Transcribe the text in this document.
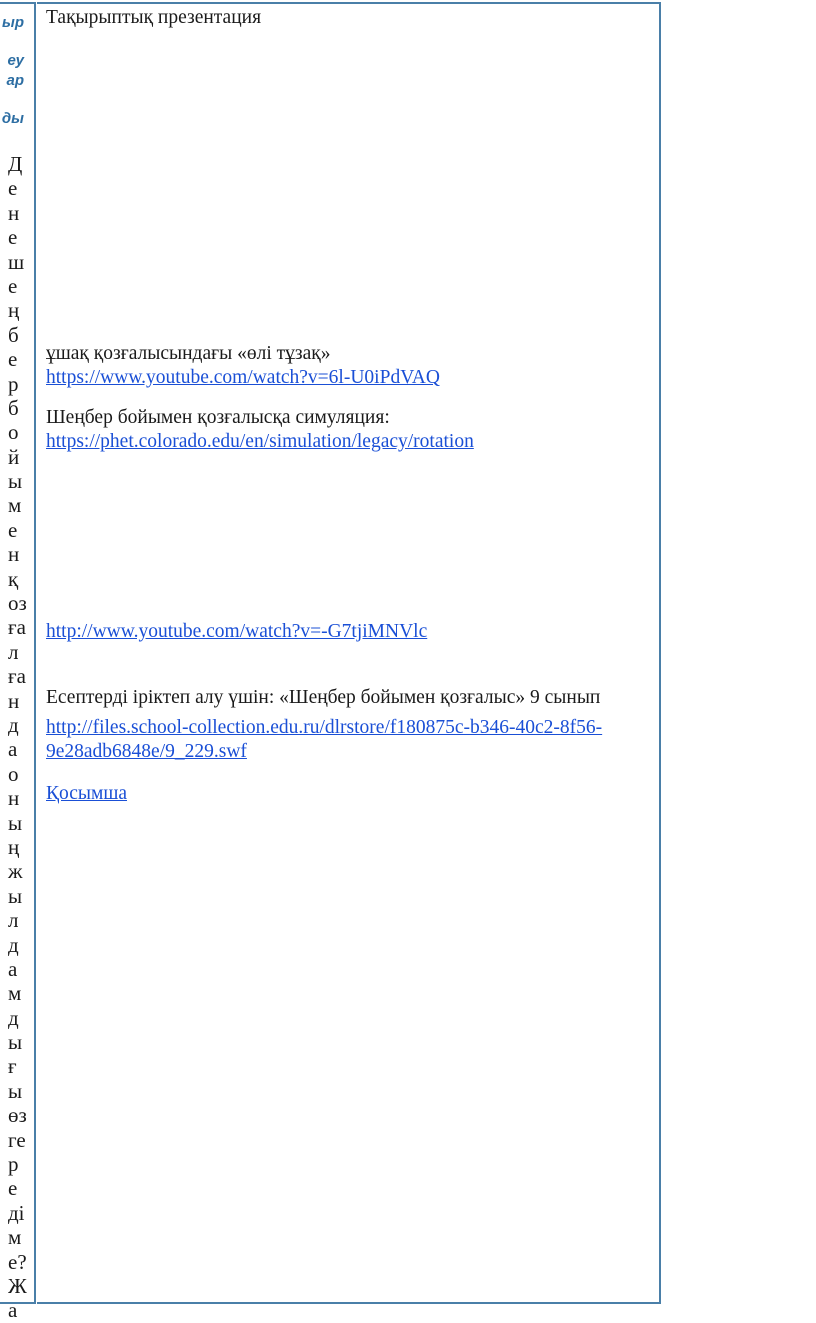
ыр
еу
ар
ды
Д
е
н
е
ш
е
ң
б
е
р
б
о
й
ы
м
е
н
қ
оз
ға
л
ға
н
д
а
о
н
ы
ң
ж
ы
л
д
а
м
д
ы
ғ
ы
өз
ге
р
е
ді
м
е?
Ж
а
Тақырыптық презентация
ұшақ қозғалысындағы «өлі тұзақ»
https://www.youtube.com/watch?v=6l-U0iPdVAQ
Шеңбер бойымен қозғалысқа симуляция:
https://phet.colorado.edu/en/simulation/legacy/rotation
http://www.youtube.com/watch?v=-G7tjiMNVlc
Есептерді іріктеп алу үшін: «Шеңбер бойымен қозғалыс» 9 сынып
http://files.school-collection.edu.ru/dlrstore/f180875c-b346-40c2-8f56-
9e28adb6848e/9_229.swf
Қосымша
